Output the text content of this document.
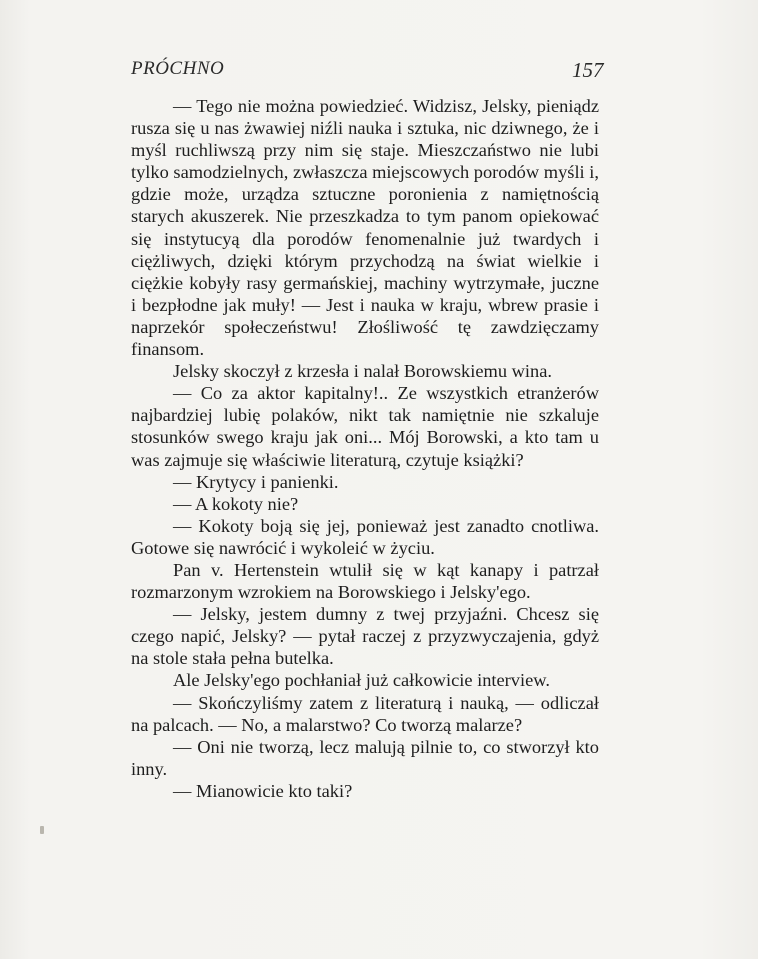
PRÓCHNO	157

— Tego nie można powiedzieć. Widzisz, Jelsky, pieniądz rusza się u nas żwawiej niźli nauka i sztuka, nic dziwnego, że i myśl ruchliwszą przy nim się staje. Mieszczaństwo nie lubi tylko samodzielnych, zwłaszcza miejscowych porodów myśli i, gdzie może, urządza sztuczne poronienia z namiętnością starych akuszerek. Nie przeszkadza to tym panom opiekować się instytucyą dla porodów fenomenalnie już twardych i ciężliwych, dzięki którym przychodzą na świat wielkie i ciężkie kobyły rasy germańskiej, machiny wytrzymałe, juczne i bezpłodne jak muły! — Jest i nauka w kraju, wbrew prasie i naprzekór społeczeństwu! Złośliwość tę zawdzięczamy finansom.

Jelsky skoczył z krzesła i nalał Borowskiemu wina.

— Co za aktor kapitalny!.. Ze wszystkich etranżerów najbardziej lubię polaków, nikt tak namiętnie nie szkaluje stosunków swego kraju jak oni... Mój Borowski, a kto tam u was zajmuje się właściwie literaturą, czytuje książki?

— Krytycy i panienki.

— A kokoty nie?

— Kokoty boją się jej, ponieważ jest zanadto cnotliwa. Gotowe się nawrócić i wykoleić w życiu.

Pan v. Hertenstein wtulił się w kąt kanapy i patrzał rozmarzonym wzrokiem na Borowskiego i Jelsky'ego.

— Jelsky, jestem dumny z twej przyjaźni. Chcesz się czego napić, Jelsky? — pytał raczej z przyzwyczajenia, gdyż na stole stała pełna butelka.

Ale Jelsky'ego pochłaniał już całkowicie interview.

— Skończyliśmy zatem z literaturą i nauką, — odliczał na palcach. — No, a malarstwo? Co tworzą malarze?

— Oni nie tworzą, lecz malują pilnie to, co stworzył kto inny.

— Mianowicie kto taki?
